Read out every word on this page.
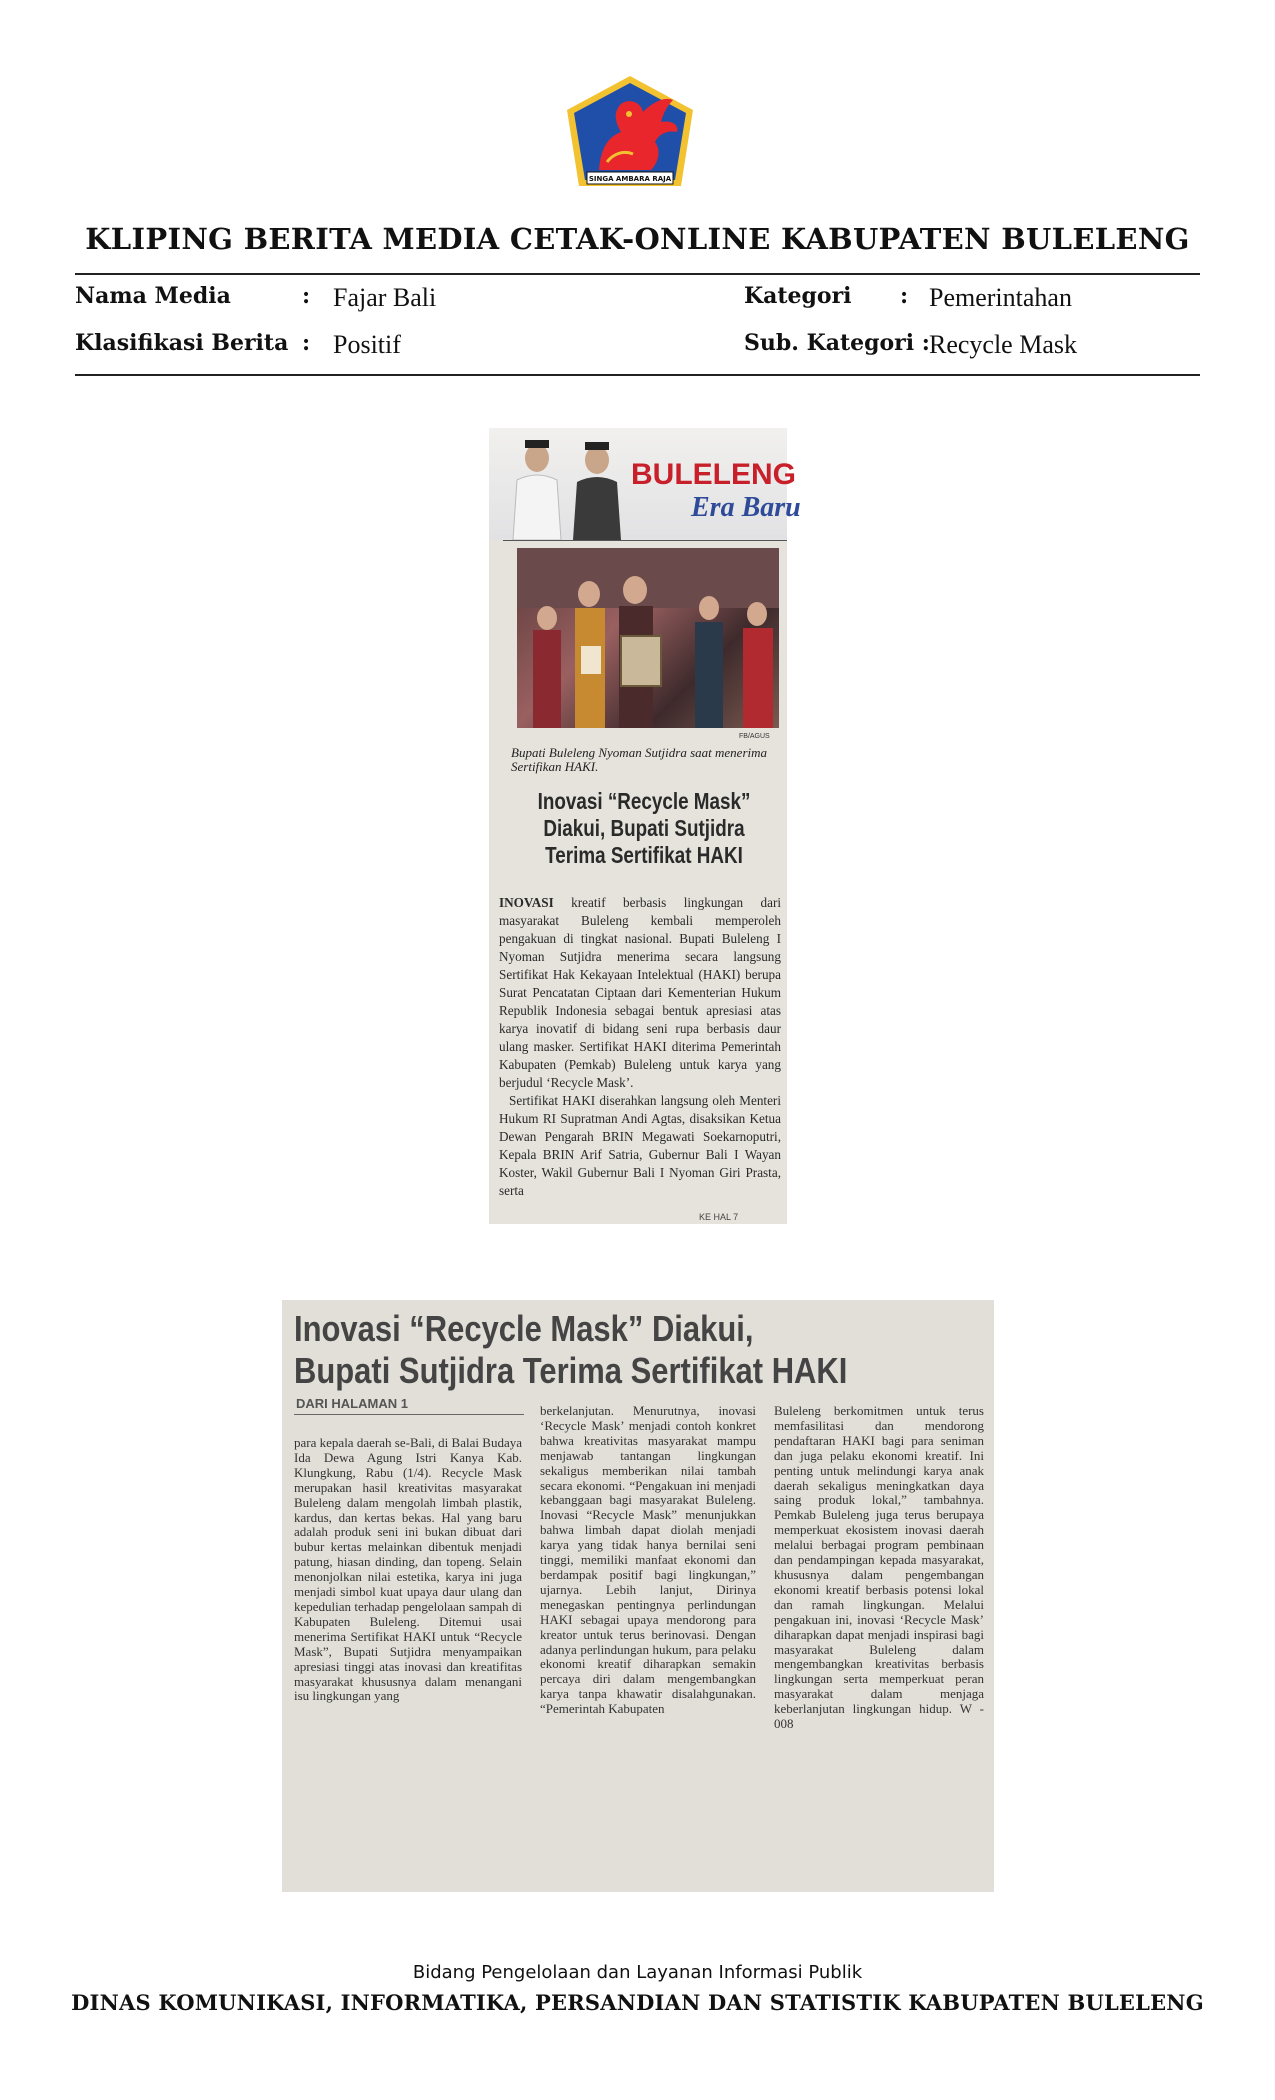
SINGA AMBARA RAJA
KLIPING BERITA MEDIA CETAK-ONLINE KABUPATEN BULELENG
Nama Media	: Fajar Bali	Kategori : Pemerintahan
Klasifikasi Berita : Positif	Sub. Kategori : Recycle Mask
BULELENG
Era Baru
FB/AGUS
Bupati Buleleng Nyoman Sutjidra saat menerima Sertifikan HAKI.
Inovasi “Recycle Mask” Diakui, Bupati Sutjidra Terima Sertifikat HAKI
INOVASI kreatif berbasis lingkungan dari masyarakat Buleleng kembali memperoleh pengakuan di tingkat nasional. Bupati Buleleng I Nyoman Sutjidra menerima secara langsung Sertifikat Hak Kekayaan Intelektual (HAKI) berupa Surat Pencatatan Ciptaan dari Kementerian Hukum Republik Indonesia sebagai bentuk apresiasi atas karya inovatif di bidang seni rupa berbasis daur ulang masker. Sertifikat HAKI diterima Pemerintah Kabupaten (Pemkab) Buleleng untuk karya yang berjudul ‘Recycle Mask’.
Sertifikat HAKI diserahkan langsung oleh Menteri Hukum RI Supratman Andi Agtas, disaksikan Ketua Dewan Pengarah BRIN Megawati Soekarnoputri, Kepala BRIN Arif Satria, Gubernur Bali I Wayan Koster, Wakil Gubernur Bali I Nyoman Giri Prasta, serta
KE HAL 7
Inovasi “Recycle Mask” Diakui,
Bupati Sutjidra Terima Sertifikat HAKI
DARI HALAMAN 1
para kepala daerah se-Bali, di Balai Budaya Ida Dewa Agung Istri Kanya Kab. Klungkung, Rabu (1/4). Recycle Mask merupakan hasil kreativitas masyarakat Buleleng dalam mengolah limbah plastik, kardus, dan kertas bekas. Hal yang baru adalah produk seni ini bukan dibuat dari bubur kertas melainkan dibentuk menjadi patung, hiasan dinding, dan topeng. Selain menonjolkan nilai estetika, karya ini juga menjadi simbol kuat upaya daur ulang dan kepedulian terhadap pengelolaan sampah di Kabupaten Buleleng. Ditemui usai menerima Sertifikat HAKI untuk “Recycle Mask”, Bupati Sutjidra menyampaikan apresiasi tinggi atas inovasi dan kreatifitas masyarakat khususnya dalam menangani isu lingkungan yang
berkelanjutan. Menurutnya, inovasi ‘Recycle Mask’ menjadi contoh konkret bahwa kreativitas masyarakat mampu menjawab tantangan lingkungan sekaligus memberikan nilai tambah secara ekonomi. “Pengakuan ini menjadi kebanggaan bagi masyarakat Buleleng. Inovasi “Recycle Mask” menunjukkan bahwa limbah dapat diolah menjadi karya yang tidak hanya bernilai seni tinggi, memiliki manfaat ekonomi dan berdampak positif bagi lingkungan,” ujarnya. Lebih lanjut, Dirinya menegaskan pentingnya perlindungan HAKI sebagai upaya mendorong para kreator untuk terus berinovasi. Dengan adanya perlindungan hukum, para pelaku ekonomi kreatif diharapkan semakin percaya diri dalam mengembangkan karya tanpa khawatir disalahgunakan. “Pemerintah Kabupaten
Buleleng berkomitmen untuk terus memfasilitasi dan mendorong pendaftaran HAKI bagi para seniman dan juga pelaku ekonomi kreatif. Ini penting untuk melindungi karya anak daerah sekaligus meningkatkan daya saing produk lokal,” tambahnya. Pemkab Buleleng juga terus berupaya memperkuat ekosistem inovasi daerah melalui berbagai program pembinaan dan pendampingan kepada masyarakat, khususnya dalam pengembangan ekonomi kreatif berbasis potensi lokal dan ramah lingkungan. Melalui pengakuan ini, inovasi ‘Recycle Mask’ diharapkan dapat menjadi inspirasi bagi masyarakat Buleleng dalam mengembangkan kreativitas berbasis lingkungan serta memperkuat peran masyarakat dalam menjaga keberlanjutan lingkungan hidup. W - 008
Bidang Pengelolaan dan Layanan Informasi Publik
DINAS KOMUNIKASI, INFORMATIKA, PERSANDIAN DAN STATISTIK KABUPATEN BULELENG
